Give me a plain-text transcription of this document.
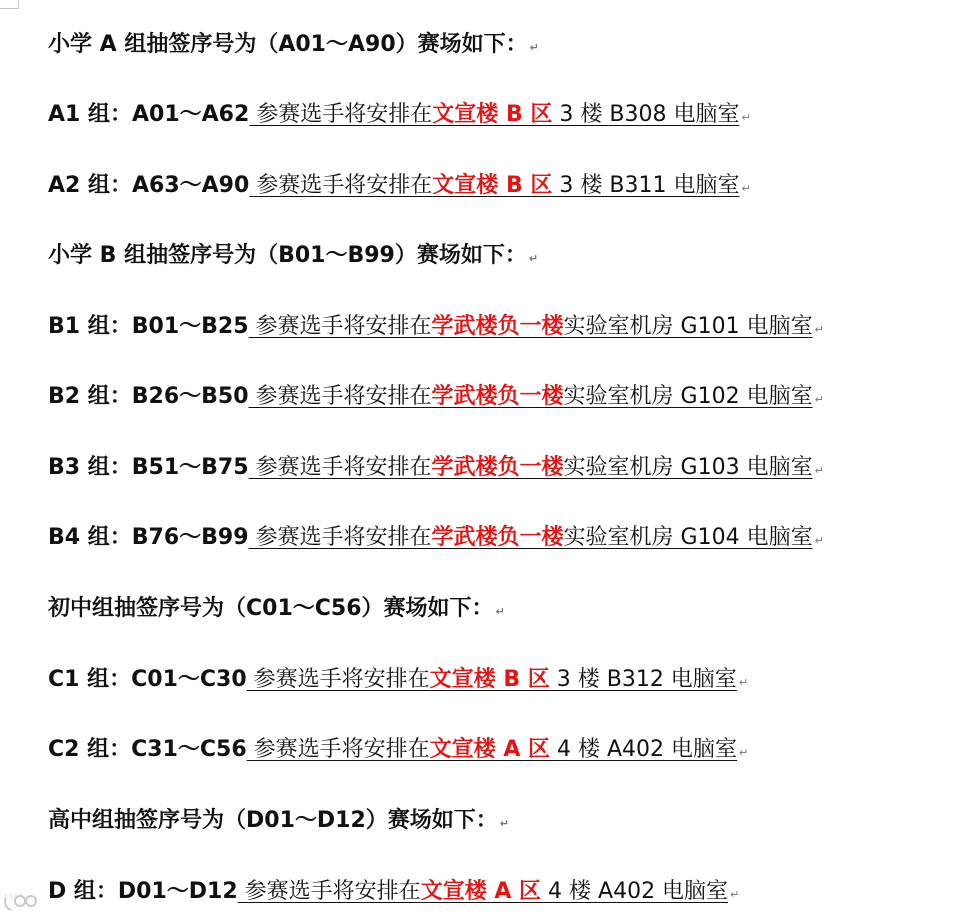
小学 A 组抽签序号为（A01～A90）赛场如下： ↵
A1 组：A01～A62 参赛选手将安排在文宣楼 B 区 3 楼 B308 电脑室 ↵
A2 组：A63～A90 参赛选手将安排在文宣楼 B 区 3 楼 B311 电脑室 ↵
小学 B 组抽签序号为（B01～B99）赛场如下： ↵
B1 组：B01～B25 参赛选手将安排在学武楼负一楼实验室机房 G101 电脑室 ↵
B2 组：B26～B50 参赛选手将安排在学武楼负一楼实验室机房 G102 电脑室 ↵
B3 组：B51～B75 参赛选手将安排在学武楼负一楼实验室机房 G103 电脑室 ↵
B4 组：B76～B99 参赛选手将安排在学武楼负一楼实验室机房 G104 电脑室 ↵
初中组抽签序号为（C01～C56）赛场如下： ↵
C1 组：C01～C30 参赛选手将安排在文宣楼 B 区 3 楼 B312 电脑室 ↵
C2 组：C31～C56 参赛选手将安排在文宣楼 A 区 4 楼 A402 电脑室 ↵
高中组抽签序号为（D01～D12）赛场如下： ↵
D 组：D01～D12 参赛选手将安排在文宣楼 A 区 4 楼 A402 电脑室 ↵
大众点评
